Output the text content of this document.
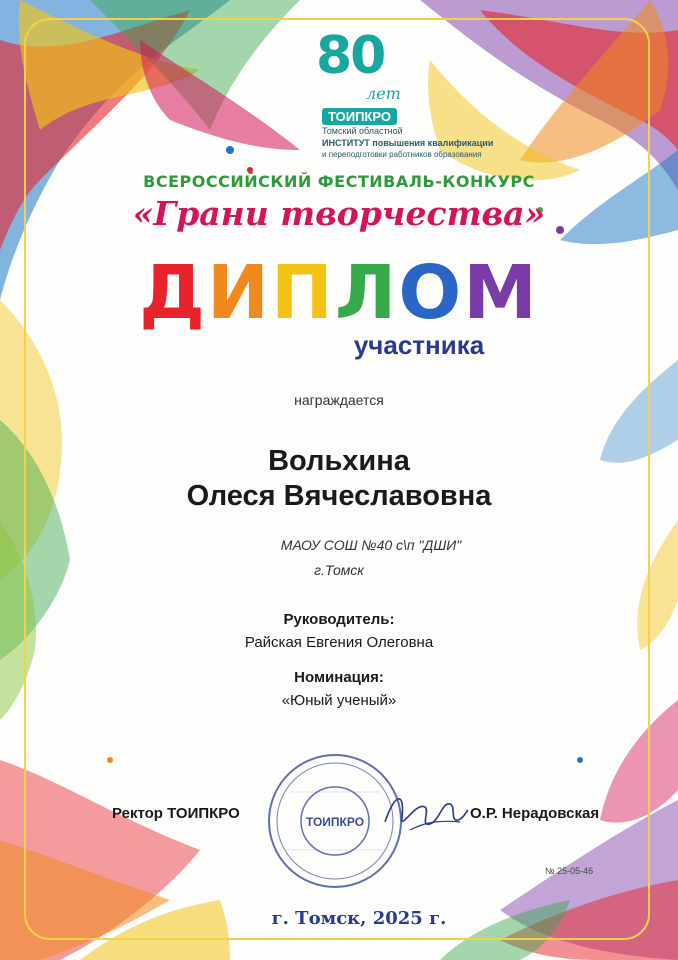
80
лет
ТОИПКРО
Томский областной
ИНСТИТУТ повышения квалификации
и переподготовки работников образования
ВСЕРОССИЙСКИЙ ФЕСТИВАЛЬ-КОНКУРС
«Грани творчества»
ДИПЛОМ
участника
награждается
Вольхина
Олеся Вячеславовна
МАОУ СОШ №40 с\п "ДШИ"
г.Томск
Руководитель:
Райская Евгения Олеговна
Номинация:
«Юный ученый»
Ректор ТОИПКРО	ТОИПКРО	О.Р. Нерадовская
№ 25-05-46
г. Томск, 2025 г.
